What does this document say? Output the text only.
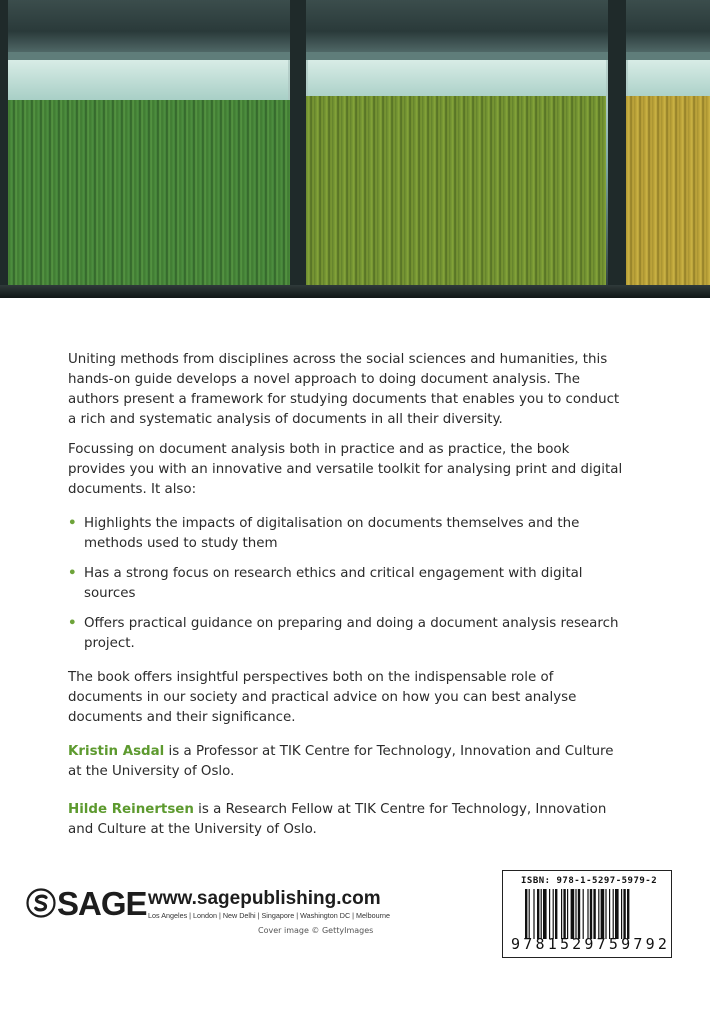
Uniting methods from disciplines across the social sciences and humanities, this hands-on guide develops a novel approach to doing document analysis. The authors present a framework for studying documents that enables you to conduct a rich and systematic analysis of documents in all their diversity.

Focussing on document analysis both in practice and as practice, the book provides you with an innovative and versatile toolkit for analysing print and digital documents. It also:

• Highlights the impacts of digitalisation on documents themselves and the methods used to study them
• Has a strong focus on research ethics and critical engagement with digital sources
• Offers practical guidance on preparing and doing a document analysis research project.

The book offers insightful perspectives both on the indispensable role of documents in our society and practical advice on how you can best analyse documents and their significance.

Kristin Asdal is a Professor at TIK Centre for Technology, Innovation and Culture at the University of Oslo.

Hilde Reinertsen is a Research Fellow at TIK Centre for Technology, Innovation and Culture at the University of Oslo.

SAGE www.sagepublishing.com
Los Angeles | London | New Delhi | Singapore | Washington DC | Melbourne
Cover image © GettyImages
ISBN: 978-1-5297-5979-2
9 7 8 1 5 2 9 7 5 9 7 9 2
